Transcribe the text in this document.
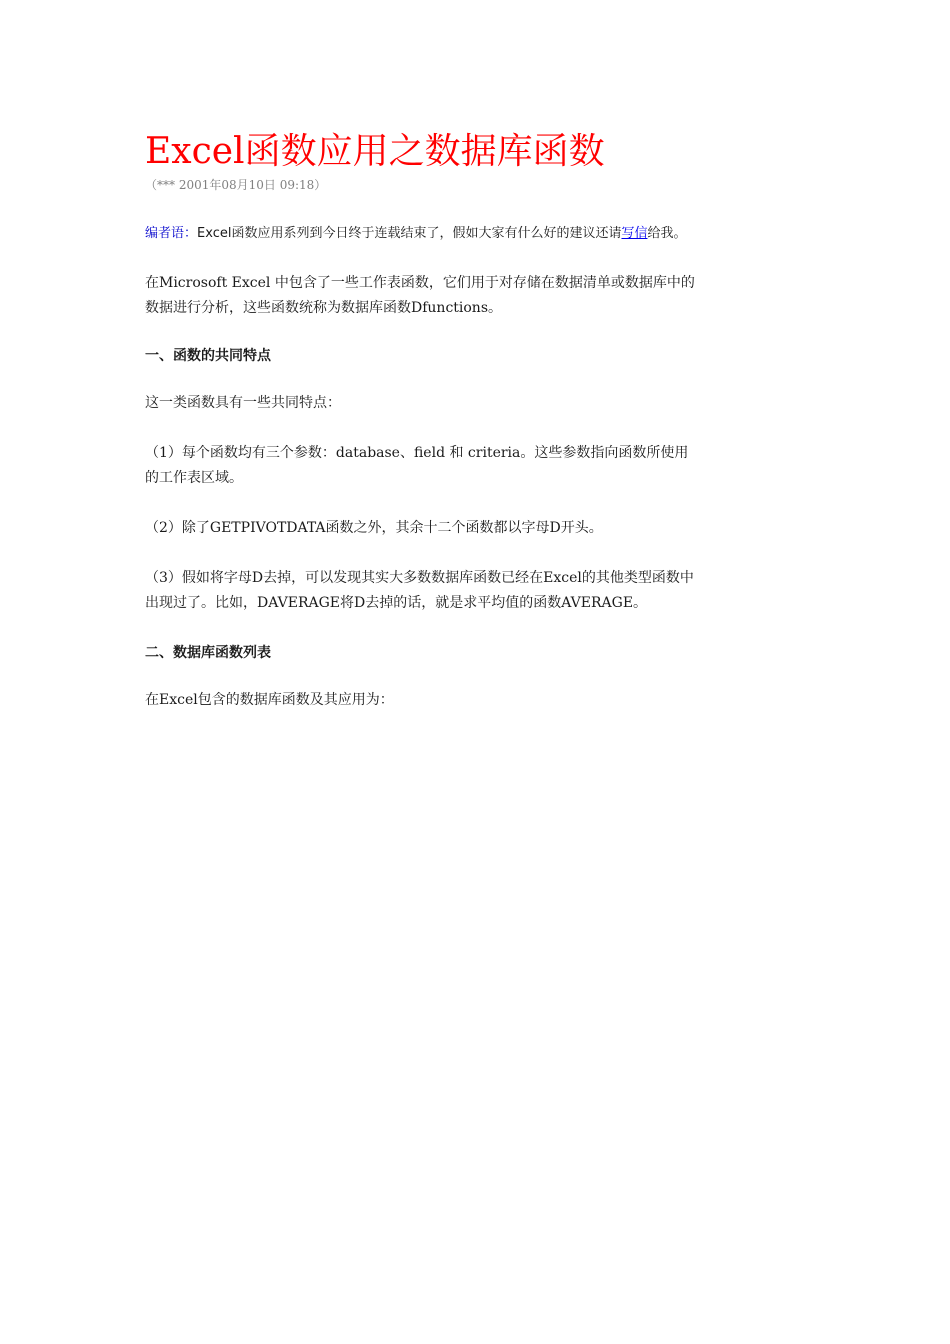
Excel函数应用之数据库函数
（*** 2001年08月10日 09:18）
编者语：Excel函数应用系列到今日终于连载结束了，假如大家有什么好的建议还请写信给我。

在Microsoft Excel 中包含了一些工作表函数，它们用于对存储在数据清单或数据库中的
数据进行分析，这些函数统称为数据库函数Dfunctions。

一、函数的共同特点

这一类函数具有一些共同特点：

（1）每个函数均有三个参数：database、field 和 criteria。这些参数指向函数所使用
的工作表区域。

（2）除了GETPIVOTDATA函数之外，其余十二个函数都以字母D开头。

（3）假如将字母D去掉，可以发现其实大多数数据库函数已经在Excel的其他类型函数中
出现过了。比如，DAVERAGE将D去掉的话，就是求平均值的函数AVERAGE。

二、数据库函数列表

在Excel包含的数据库函数及其应用为：
